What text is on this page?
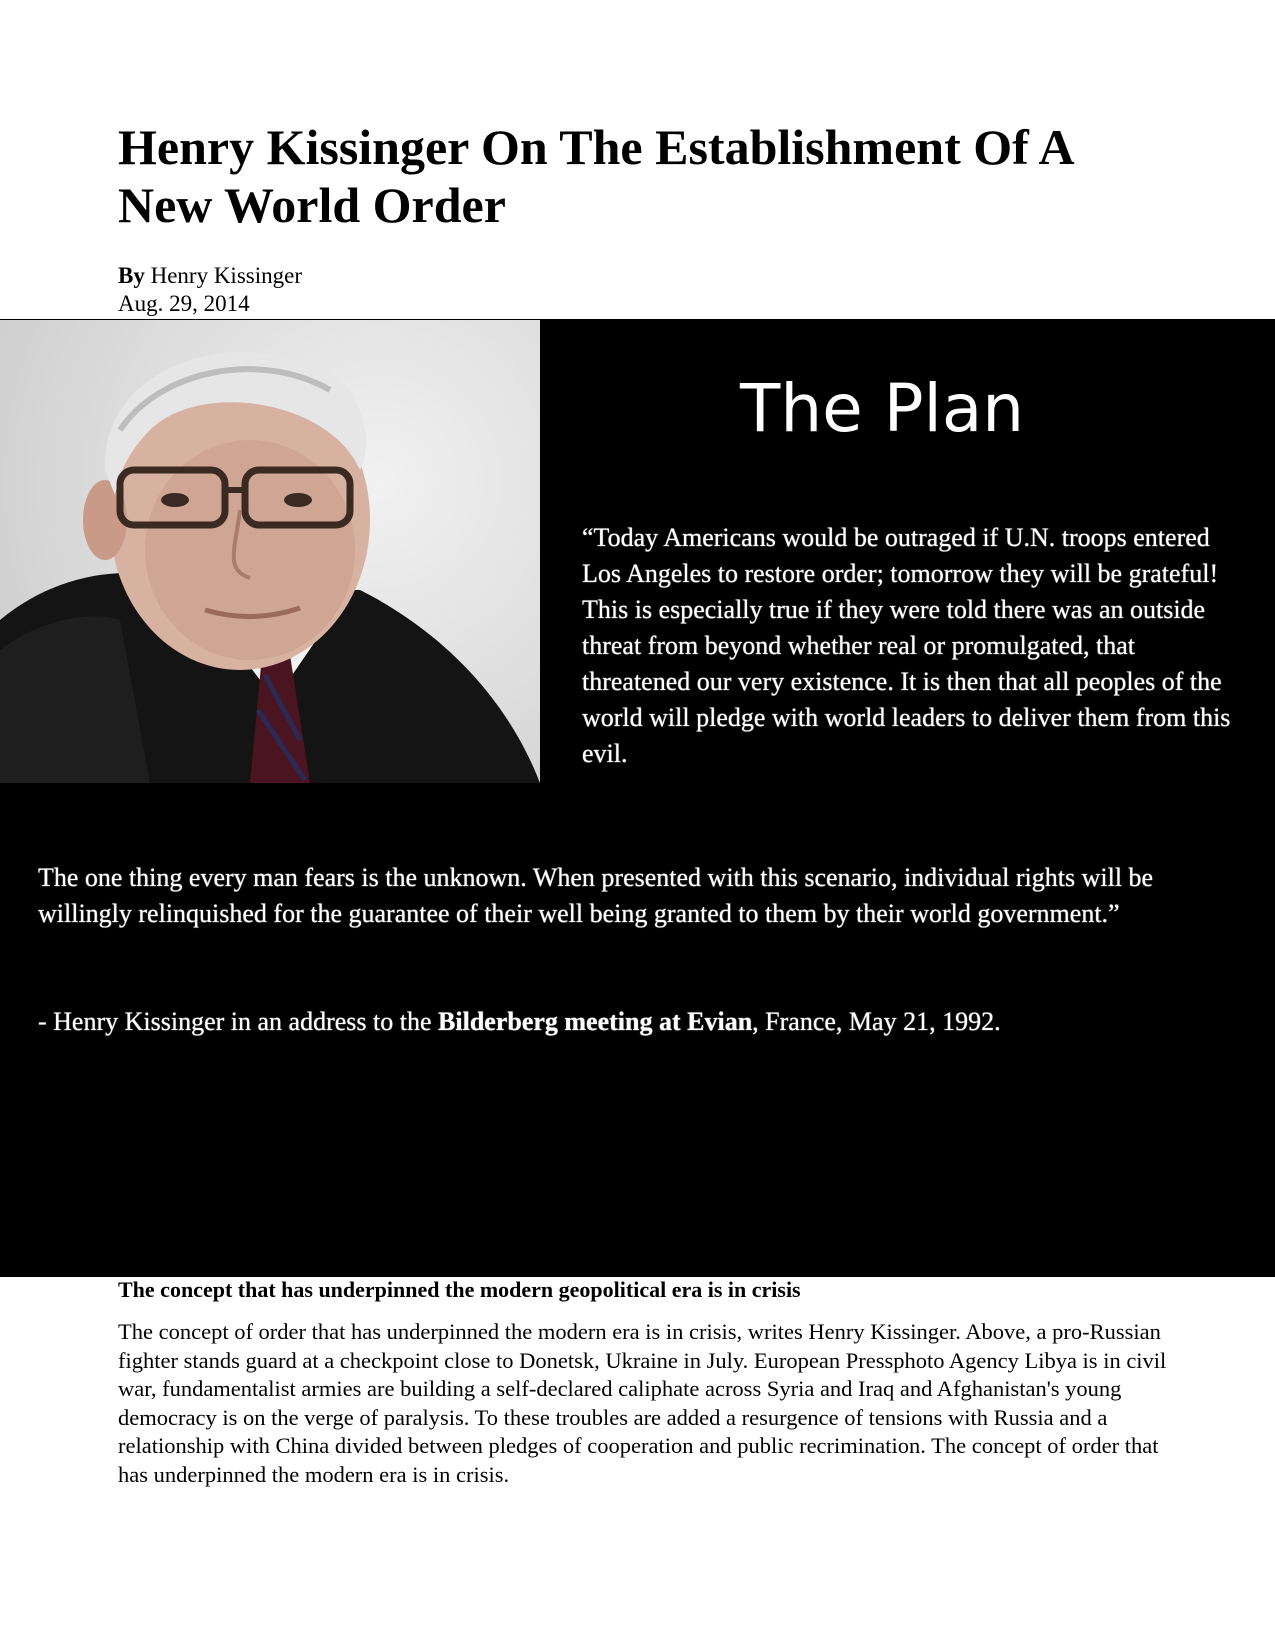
Henry Kissinger On The Establishment Of A New World Order
By Henry Kissinger
Aug. 29, 2014
The Plan
“Today Americans would be outraged if U.N. troops entered Los Angeles to restore order; tomorrow they will be grateful! This is especially true if they were told there was an outside threat from beyond whether real or promulgated, that threatened our very existence. It is then that all peoples of the world will pledge with world leaders to deliver them from this evil.
The one thing every man fears is the unknown. When presented with this scenario, individual rights will be willingly relinquished for the guarantee of their well being granted to them by their world government.”
- Henry Kissinger in an address to the Bilderberg meeting at Evian, France, May 21, 1992.
The concept that has underpinned the modern geopolitical era is in crisis

The concept of order that has underpinned the modern era is in crisis, writes Henry Kissinger. Above, a pro-Russian fighter stands guard at a checkpoint close to Donetsk, Ukraine in July. European Pressphoto Agency Libya is in civil war, fundamentalist armies are building a self-declared caliphate across Syria and Iraq and Afghanistan's young democracy is on the verge of paralysis. To these troubles are added a resurgence of tensions with Russia and a relationship with China divided between pledges of cooperation and public recrimination. The concept of order that has underpinned the modern era is in crisis.
